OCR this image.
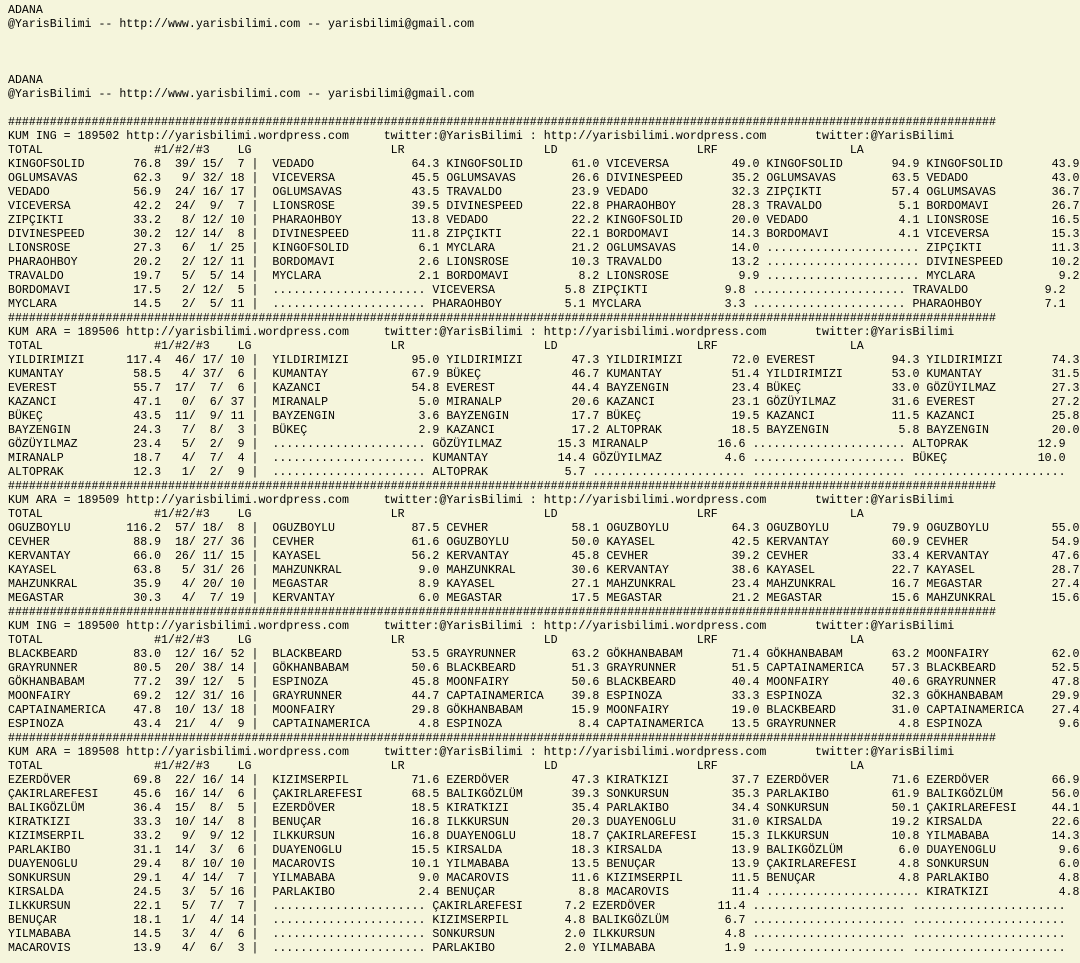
ADANA
@YarisBilimi -- http://www.yarisbilimi.com -- yarisbilimi@gmail.com
ADANA
@YarisBilimi -- http://www.yarisbilimi.com -- yarisbilimi@gmail.com
##############################################################################################################################################
KUM ING = 189502 http://yarisbilimi.wordpress.com     twitter:@YarisBilimi : http://yarisbilimi.wordpress.com       twitter:@YarisBilimi
TOTAL                #1/#2/#3    LG                    LR                    LD                    LRF                   LA
KINGOFSOLID       76.8  39/ 15/  7 |  VEDADO              64.3 KINGOFSOLID       61.0 VICEVERSA         49.0 KINGOFSOLID       94.9 KINGOFSOLID       43.9
OGLUMSAVAS        62.3   9/ 32/ 18 |  VICEVERSA           45.5 OGLUMSAVAS        26.6 DIVINESPEED       35.2 OGLUMSAVAS        63.5 VEDADO            43.0
VEDADO            56.9  24/ 16/ 17 |  OGLUMSAVAS          43.5 TRAVALDO          23.9 VEDADO            32.3 ZIPÇIKTI          57.4 OGLUMSAVAS        36.7
VICEVERSA         42.2  24/  9/  7 |  LIONSROSE           39.5 DIVINESPEED       22.8 PHARAOHBOY        28.3 TRAVALDO           5.1 BORDOMAVI         26.7
ZIPÇIKTI          33.2   8/ 12/ 10 |  PHARAOHBOY          13.8 VEDADO            22.2 KINGOFSOLID       20.0 VEDADO             4.1 LIONSROSE         16.5
DIVINESPEED       30.2  12/ 14/  8 |  DIVINESPEED         11.8 ZIPÇIKTI          22.1 BORDOMAVI         14.3 BORDOMAVI          4.1 VICEVERSA         15.3
LIONSROSE         27.3   6/  1/ 25 |  KINGOFSOLID          6.1 MYCLARA           21.2 OGLUMSAVAS        14.0 ...................... ZIPÇIKTI          11.3
PHARAOHBOY        20.2   2/ 12/ 11 |  BORDOMAVI            2.6 LIONSROSE         10.3 TRAVALDO          13.2 ...................... DIVINESPEED       10.2
TRAVALDO          19.7   5/  5/ 14 |  MYCLARA              2.1 BORDOMAVI          8.2 LIONSROSE          9.9 ...................... MYCLARA            9.2
BORDOMAVI         17.5   2/ 12/  5 |  ...................... VICEVERSA          5.8 ZIPÇIKTI           9.8 ...................... TRAVALDO           9.2
MYCLARA           14.5   2/  5/ 11 |  ...................... PHARAOHBOY         5.1 MYCLARA            3.3 ...................... PHARAOHBOY         7.1
##############################################################################################################################################
KUM ARA = 189506 http://yarisbilimi.wordpress.com     twitter:@YarisBilimi : http://yarisbilimi.wordpress.com       twitter:@YarisBilimi
TOTAL                #1/#2/#3    LG                    LR                    LD                    LRF                   LA
YILDIRIMIZI      117.4  46/ 17/ 10 |  YILDIRIMIZI         95.0 YILDIRIMIZI       47.3 YILDIRIMIZI       72.0 EVEREST           94.3 YILDIRIMIZI       74.3
KUMANTAY          58.5   4/ 37/  6 |  KUMANTAY            67.9 BÜKEÇ             46.7 KUMANTAY          51.4 YILDIRIMIZI       53.0 KUMANTAY          31.5
EVEREST           55.7  17/  7/  6 |  KAZANCI             54.8 EVEREST           44.4 BAYZENGIN         23.4 BÜKEÇ             33.0 GÖZÜYILMAZ        27.3
KAZANCI           47.1   0/  6/ 37 |  MIRANALP             5.0 MIRANALP          20.6 KAZANCI           23.1 GÖZÜYILMAZ        31.6 EVEREST           27.2
BÜKEÇ             43.5  11/  9/ 11 |  BAYZENGIN            3.6 BAYZENGIN         17.7 BÜKEÇ             19.5 KAZANCI           11.5 KAZANCI           25.8
BAYZENGIN         24.3   7/  8/  3 |  BÜKEÇ                2.9 KAZANCI           17.2 ALTOPRAK          18.5 BAYZENGIN          5.8 BAYZENGIN         20.0
GÖZÜYILMAZ        23.4   5/  2/  9 |  ...................... GÖZÜYILMAZ        15.3 MIRANALP          16.6 ...................... ALTOPRAK          12.9
MIRANALP          18.7   4/  7/  4 |  ...................... KUMANTAY          14.4 GÖZÜYILMAZ         4.6 ...................... BÜKEÇ             10.0
ALTOPRAK          12.3   1/  2/  9 |  ...................... ALTOPRAK           5.7 ...................... ...................... ......................
##############################################################################################################################################
KUM ARA = 189509 http://yarisbilimi.wordpress.com     twitter:@YarisBilimi : http://yarisbilimi.wordpress.com       twitter:@YarisBilimi
TOTAL                #1/#2/#3    LG                    LR                    LD                    LRF                   LA
OGUZBOYLU        116.2  57/ 18/  8 |  OGUZBOYLU           87.5 CEVHER            58.1 OGUZBOYLU         64.3 OGUZBOYLU         79.9 OGUZBOYLU         55.0
CEVHER            88.9  18/ 27/ 36 |  CEVHER              61.6 OGUZBOYLU         50.0 KAYASEL           42.5 KERVANTAY         60.9 CEVHER            54.9
KERVANTAY         66.0  26/ 11/ 15 |  KAYASEL             56.2 KERVANTAY         45.8 CEVHER            39.2 CEVHER            33.4 KERVANTAY         47.6
KAYASEL           63.8   5/ 31/ 26 |  MAHZUNKRAL           9.0 MAHZUNKRAL        30.6 KERVANTAY         38.6 KAYASEL           22.7 KAYASEL           28.7
MAHZUNKRAL        35.9   4/ 20/ 10 |  MEGASTAR             8.9 KAYASEL           27.1 MAHZUNKRAL        23.4 MAHZUNKRAL        16.7 MEGASTAR          27.4
MEGASTAR          30.3   4/  7/ 19 |  KERVANTAY            6.0 MEGASTAR          17.5 MEGASTAR          21.2 MEGASTAR          15.6 MAHZUNKRAL        15.6
##############################################################################################################################################
KUM ING = 189500 http://yarisbilimi.wordpress.com     twitter:@YarisBilimi : http://yarisbilimi.wordpress.com       twitter:@YarisBilimi
TOTAL                #1/#2/#3    LG                    LR                    LD                    LRF                   LA
BLACKBEARD        83.0  12/ 16/ 52 |  BLACKBEARD          53.5 GRAYRUNNER        63.2 GÖKHANBABAM       71.4 GÖKHANBABAM       63.2 MOONFAIRY         62.0
GRAYRUNNER        80.5  20/ 38/ 14 |  GÖKHANBABAM         50.6 BLACKBEARD        51.3 GRAYRUNNER        51.5 CAPTAINAMERICA    57.3 BLACKBEARD        52.5
GÖKHANBABAM       77.2  39/ 12/  5 |  ESPINOZA            45.8 MOONFAIRY         50.6 BLACKBEARD        40.4 MOONFAIRY         40.6 GRAYRUNNER        47.8
MOONFAIRY         69.2  12/ 31/ 16 |  GRAYRUNNER          44.7 CAPTAINAMERICA    39.8 ESPINOZA          33.3 ESPINOZA          32.3 GÖKHANBABAM       29.9
CAPTAINAMERICA    47.8  10/ 13/ 18 |  MOONFAIRY           29.8 GÖKHANBABAM       15.9 MOONFAIRY         19.0 BLACKBEARD        31.0 CAPTAINAMERICA    27.4
ESPINOZA          43.4  21/  4/  9 |  CAPTAINAMERICA       4.8 ESPINOZA           8.4 CAPTAINAMERICA    13.5 GRAYRUNNER         4.8 ESPINOZA           9.6
##############################################################################################################################################
KUM ARA = 189508 http://yarisbilimi.wordpress.com     twitter:@YarisBilimi : http://yarisbilimi.wordpress.com       twitter:@YarisBilimi
TOTAL                #1/#2/#3    LG                    LR                    LD                    LRF                   LA
EZERDÖVER         69.8  22/ 16/ 14 |  KIZIMSERPIL         71.6 EZERDÖVER         47.3 KIRATKIZI         37.7 EZERDÖVER         71.6 EZERDÖVER         66.9
ÇAKIRLAREFESI     45.6  16/ 14/  6 |  ÇAKIRLAREFESI       68.5 BALIKGÖZLÜM       39.3 SONKURSUN         35.3 PARLAKIBO         61.9 BALIKGÖZLÜM       56.0
BALIKGÖZLÜM       36.4  15/  8/  5 |  EZERDÖVER           18.5 KIRATKIZI         35.4 PARLAKIBO         34.4 SONKURSUN         50.1 ÇAKIRLAREFESI     44.1
KIRATKIZI         33.3  10/ 14/  8 |  BENUÇAR             16.8 ILKKURSUN         20.3 DUAYENOGLU        31.0 KIRSALDA          19.2 KIRSALDA          22.6
KIZIMSERPIL       33.2   9/  9/ 12 |  ILKKURSUN           16.8 DUAYENOGLU        18.7 ÇAKIRLAREFESI     15.3 ILKKURSUN         10.8 YILMABABA         14.3
PARLAKIBO         31.1  14/  3/  6 |  DUAYENOGLU          15.5 KIRSALDA          18.3 KIRSALDA          13.9 BALIKGÖZLÜM        6.0 DUAYENOGLU         9.6
DUAYENOGLU        29.4   8/ 10/ 10 |  MACAROVIS           10.1 YILMABABA         13.5 BENUÇAR           13.9 ÇAKIRLAREFESI      4.8 SONKURSUN          6.0
SONKURSUN         29.1   4/ 14/  7 |  YILMABABA            9.0 MACAROVIS         11.6 KIZIMSERPIL       11.5 BENUÇAR            4.8 PARLAKIBO          4.8
KIRSALDA          24.5   3/  5/ 16 |  PARLAKIBO            2.4 BENUÇAR            8.8 MACAROVIS         11.4 ...................... KIRATKIZI          4.8
ILKKURSUN         22.1   5/  7/  7 |  ...................... ÇAKIRLAREFESI      7.2 EZERDÖVER         11.4 ...................... ......................
BENUÇAR           18.1   1/  4/ 14 |  ...................... KIZIMSERPIL        4.8 BALIKGÖZLÜM        6.7 ...................... ......................
YILMABABA         14.5   3/  4/  6 |  ...................... SONKURSUN          2.0 ILKKURSUN          4.8 ...................... ......................
MACAROVIS         13.9   4/  6/  3 |  ...................... PARLAKIBO          2.0 YILMABABA          1.9 ...................... ......................
